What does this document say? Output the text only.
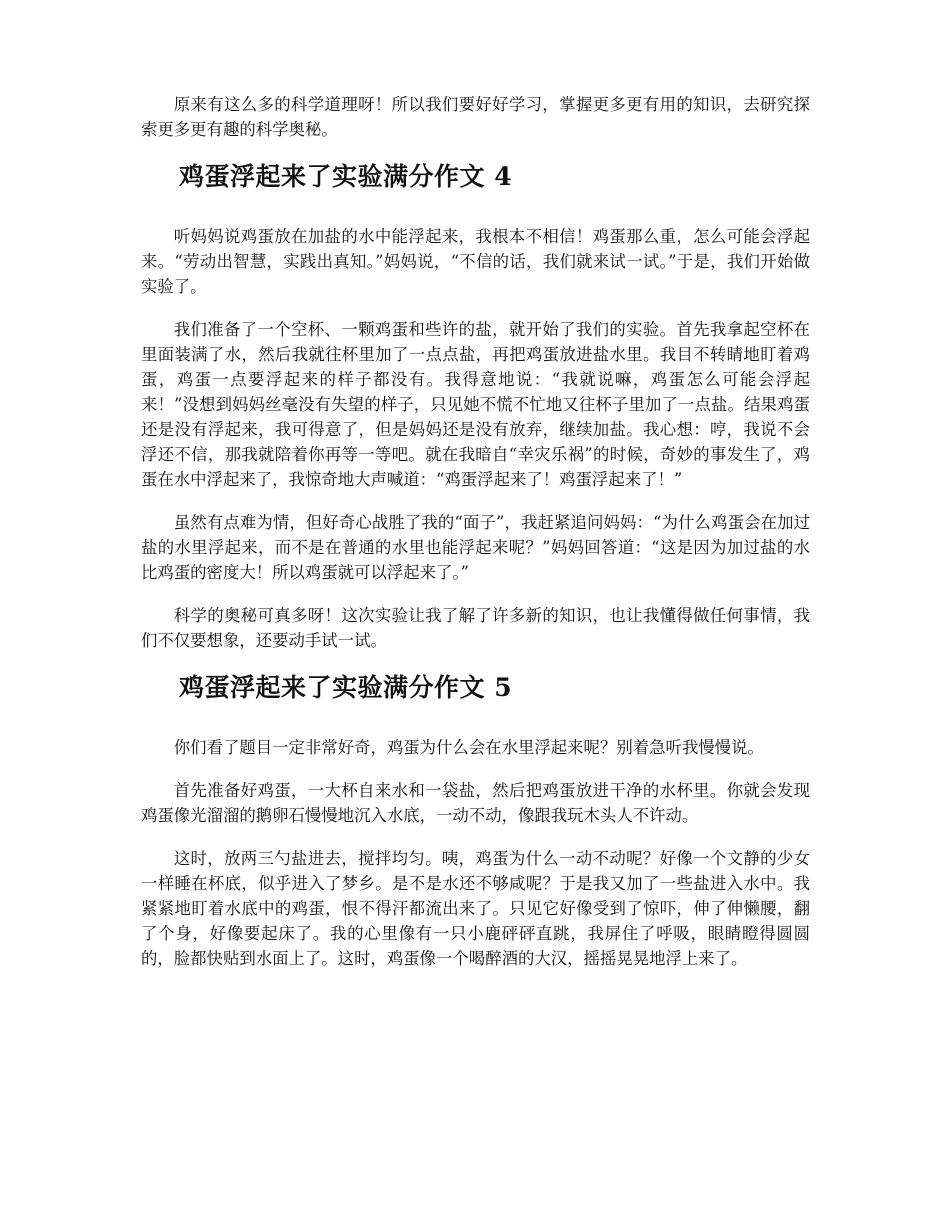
原来有这么多的科学道理呀！所以我们要好好学习，掌握更多更有用的知识，去研究探索更多更有趣的科学奥秘。

鸡蛋浮起来了实验满分作文 4

听妈妈说鸡蛋放在加盐的水中能浮起来，我根本不相信！鸡蛋那么重，怎么可能会浮起来。“劳动出智慧，实践出真知。”妈妈说，“不信的话，我们就来试一试。”于是，我们开始做实验了。

我们准备了一个空杯、一颗鸡蛋和些许的盐，就开始了我们的实验。首先我拿起空杯在里面装满了水，然后我就往杯里加了一点点盐，再把鸡蛋放进盐水里。我目不转睛地盯着鸡蛋，鸡蛋一点要浮起来的样子都没有。我得意地说：“我就说嘛，鸡蛋怎么可能会浮起来！”没想到妈妈丝毫没有失望的样子，只见她不慌不忙地又往杯子里加了一点盐。结果鸡蛋还是没有浮起来，我可得意了，但是妈妈还是没有放弃，继续加盐。我心想：哼，我说不会浮还不信，那我就陪着你再等一等吧。就在我暗自“幸灾乐祸”的时候，奇妙的事发生了，鸡蛋在水中浮起来了，我惊奇地大声喊道：“鸡蛋浮起来了！鸡蛋浮起来了！”

虽然有点难为情，但好奇心战胜了我的“面子”，我赶紧追问妈妈：“为什么鸡蛋会在加过盐的水里浮起来，而不是在普通的水里也能浮起来呢？”妈妈回答道：“这是因为加过盐的水比鸡蛋的密度大！所以鸡蛋就可以浮起来了。”

科学的奥秘可真多呀！这次实验让我了解了许多新的知识，也让我懂得做任何事情，我们不仅要想象，还要动手试一试。

鸡蛋浮起来了实验满分作文 5

你们看了题目一定非常好奇，鸡蛋为什么会在水里浮起来呢？别着急听我慢慢说。

首先准备好鸡蛋，一大杯自来水和一袋盐，然后把鸡蛋放进干净的水杯里。你就会发现鸡蛋像光溜溜的鹅卵石慢慢地沉入水底，一动不动，像跟我玩木头人不许动。

这时，放两三勺盐进去，搅拌均匀。咦，鸡蛋为什么一动不动呢？好像一个文静的少女一样睡在杯底，似乎进入了梦乡。是不是水还不够咸呢？于是我又加了一些盐进入水中。我紧紧地盯着水底中的鸡蛋，恨不得汗都流出来了。只见它好像受到了惊吓，伸了伸懒腰，翻了个身，好像要起床了。我的心里像有一只小鹿砰砰直跳，我屏住了呼吸，眼睛瞪得圆圆的，脸都快贴到水面上了。这时，鸡蛋像一个喝醉酒的大汉，摇摇晃晃地浮上来了。
